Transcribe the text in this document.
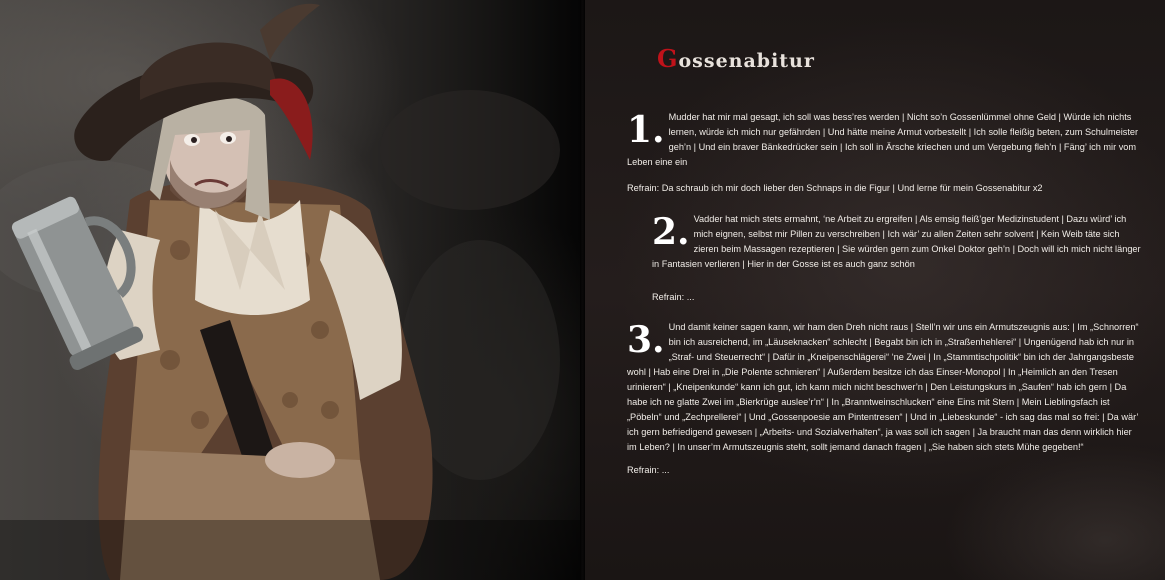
Gossenabitur
1. Mudder hat mir mal gesagt, ich soll was bess’res werden | Nicht so’n Gossenlümmel ohne Geld | Würde ich nichts lernen, würde ich mich nur gefährden | Und hätte meine Armut vorbestellt | Ich solle fleißig beten, zum Schulmeister geh’n | Und ein braver Bänkedrücker sein | Ich soll in Ärsche kriechen und um Vergebung fleh’n | Fäng’ ich mir vom Leben eine ein

Refrain: Da schraub ich mir doch lieber den Schnaps in die Figur | Und lerne für mein Gossenabitur x2

2. Vadder hat mich stets ermahnt, ‘ne Arbeit zu ergreifen | Als emsig fleiß’ger Medizinstudent | Dazu würd’ ich mich eignen, selbst mir Pillen zu verschreiben | Ich wär’ zu allen Zeiten sehr solvent | Kein Weib täte sich zieren beim Massagen rezeptieren | Sie würden gern zum Onkel Doktor geh’n | Doch will ich mich nicht länger in Fantasien verlieren | Hier in der Gosse ist es auch ganz schön

Refrain: ...

3. Und damit keiner sagen kann, wir ham den Dreh nicht raus | Stell’n wir uns ein Armutszeugnis aus: | Im „Schnorren“ bin ich ausreichend, im „Läuseknacken“ schlecht | Begabt bin ich in „Straßenhehlerei“ | Ungenügend hab ich nur in „Straf- und Steuerrecht“ | Dafür in „Kneipenschlägerei“ ‘ne Zwei | In „Stammtischpolitik“ bin ich der Jahrgangsbeste wohl | Hab eine Drei in „Die Polente schmieren“ | Außerdem besitze ich das Einser-Monopol | In „Heimlich an den Tresen urinieren“ | „Kneipenkunde“ kann ich gut, ich kann mich nicht beschwer’n | Den Leistungskurs in „Saufen“ hab ich gern | Da habe ich ne glatte Zwei im „Bierkrüge auslee’r’n“ | In „Branntweinschlucken“ eine Eins mit Stern | Mein Lieblingsfach ist „Pöbeln“ und „Zechprellerei“ | Und „Gossenpoesie am Pintentresen“ | Und in „Liebeskunde“ - ich sag das mal so frei: | Da wär’ ich gern befriedigend gewesen | „Arbeits- und Sozialverhalten“, ja was soll ich sagen | Ja braucht man das denn wirklich hier im Leben? | In unser’m Armutszeugnis steht, sollt jemand danach fragen | „Sie haben sich stets Mühe gegeben!“

Refrain: ...
